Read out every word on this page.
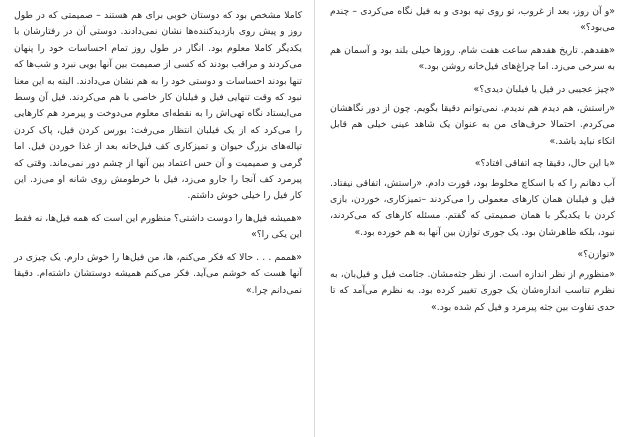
کاملا مشخص بود که دوستان خوبی برای هم هستند – صمیمتی که در طول روز و پیش روی بازدیدکننده‌ها نشان نمی‌دادند. دوستی آن در رفتارشان با یکدیگر کاملا معلوم بود. انگار در طول روز تمام احساسات خود را پنهان می‌کردند و مراقب بودند که کسی از صمیمت بین آنها بویی نبرد و شب‌ها که تنها بودند احساسات و دوستی خود را به هم نشان می‌دادند. البته به این معنا نبود که وقت تنهایی فیل و فیلبان کار خاصی با هم می‌کردند. فیل آن وسط می‌ایستاد نگاه تهی‌اش را به نقطه‌ای معلوم می‌دوخت و پیرمرد هم کارهایی را می‌کرد که از یک فیلبان انتظار می‌رفت: بورس کردن فیل، پاک کردن تپاله‌های بزرگ حیوان و تمیزکاری کف فیل‌خانه بعد از غذا خوردن فیل. اما گرمی و صمیمیت و آن حس اعتماد بین آنها از چشم دور نمی‌ماند. وقتی که پیرمرد کف آنجا را جارو می‌زد، فیل با خرطومش روی شانه او می‌زد. این کار فیل را خیلی خوش داشتم.

«همیشه فیل‌ها را دوست داشتی؟ منظورم این است که همه فیل‌ها، نه فقط این یکی را؟»

«هممم . . . حالا که فکر می‌کنم، ها، من فیل‌ها را خوش دارم. یک چیزی در آنها هست که خوشم می‌آید. فکر می‌کنم همیشه دوستشان داشته‌ام. دقیقا نمی‌دانم چرا.»

«و آن روز، بعد از غروب، تو روی تپه بودی و به فیل نگاه می‌کردی – چندم می‌بود؟»

«هفدهم. تاریخ هفدهم ساعت هفت شام. روزها خیلی بلند بود و آسمان هم به سرخی می‌زد. اما چراغ‌های فیل‌خانه روشن بود.»

«چیز عجیبی در فیل یا فیلبان دیدی؟»

«راستش، هم دیدم هم ندیدم. نمی‌توانم دقیقا بگویم. چون از دور نگاهشان می‌کردم. احتمالا حرف‌های من به عنوان یک شاهد عینی خیلی هم قابل اتکاء نباید باشد.»

«با این حال، دقیقا چه اتفاقی افتاد؟»

آب دهانم را که با اسکاچ مخلوط بود، قورت دادم. «راستش، اتفاقی نیفتاد. فیل و فیلبان همان کارهای معمولی را می‌کردند –تمیزکاری، خوردن، بازی کردن با یکدیگر با همان صمیمتی که گفتم. مسئله کارهای که می‌کردند، نبود، بلکه ظاهرشان بود. یک جوری توازن بین آنها به هم خورده بود.»

«توازن؟»

«منظورم از نظر اندازه است. از نظر جثه‌مشان. جثامت فیل و فیل‌بان، به نظرم تناسب اندازه‌شان یک جوری تغییر کرده بود. به نظرم می‌آمد که تا حدی تفاوت بین جثه پیرمرد و فیل کم شده بود.»
